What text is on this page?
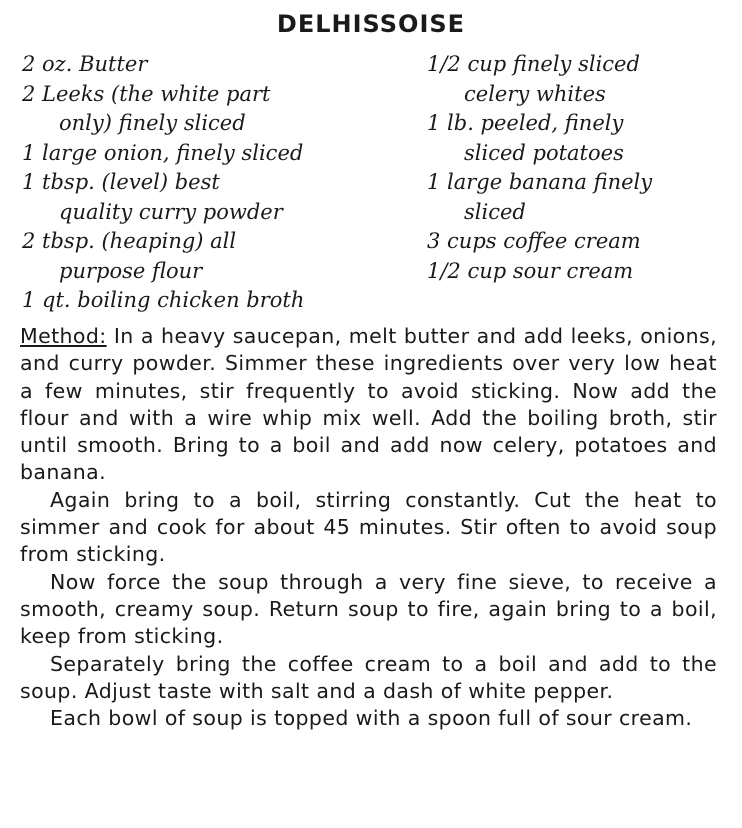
DELHISSOISE
2 oz. Butter
2 Leeks (the white part
only) finely sliced
1 large onion, finely sliced
1 tbsp. (level) best
quality curry powder
2 tbsp. (heaping) all
purpose flour
1 qt. boiling chicken broth
1/2 cup finely sliced
celery whites
1 lb. peeled, finely
sliced potatoes
1 large banana finely
sliced
3 cups coffee cream
1/2 cup sour cream

Method: In a heavy saucepan, melt butter and add leeks, onions, and curry powder. Simmer these ingredients over very low heat a few minutes, stir frequently to avoid sticking. Now add the flour and with a wire whip mix well. Add the boiling broth, stir until smooth. Bring to a boil and add now celery, potatoes and banana.

Again bring to a boil, stirring constantly. Cut the heat to simmer and cook for about 45 minutes. Stir often to avoid soup from sticking.

Now force the soup through a very fine sieve, to receive a smooth, creamy soup. Return soup to fire, again bring to a boil, keep from sticking.

Separately bring the coffee cream to a boil and add to the soup. Adjust taste with salt and a dash of white pepper.

Each bowl of soup is topped with a spoon full of sour cream.
